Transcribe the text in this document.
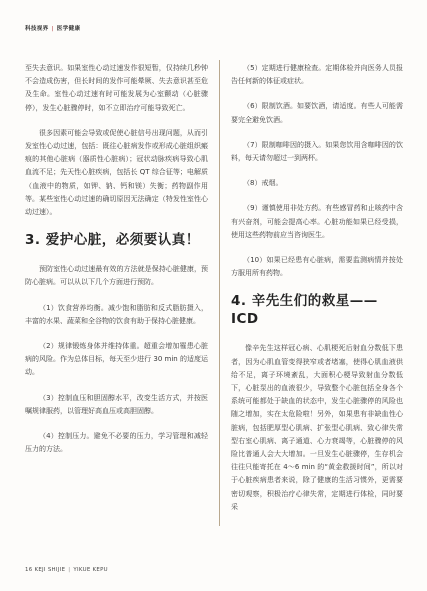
科技视界 | 医学健康

至失去意识。如果室性心动过速发作很短暂，仅持续几秒钟不会造成伤害，但长时间的发作可能晕厥、失去意识甚至危及生命。室性心动过速有时可能发展为心室颤动（心脏骤停），发生心脏骤停时，如不立即治疗可能导致死亡。

很多因素可能会导致或促使心脏信号出现问题，从而引发室性心动过速，包括：既往心脏病发作或形成心脏组织瘢痕的其他心脏病（器质性心脏病）；冠状动脉疾病导致心肌血流不足；先天性心脏疾病，包括长 QT 综合征等；电解质（血液中的物质，如钾、钠、钙和镁）失衡；药物副作用等。某些室性心动过速的确切原因无法确定（特发性室性心动过速）。

3. 爱护心脏，必须要认真！

预防室性心动过速最有效的方法就是保持心脏健康，预防心脏病。可以从以下几个方面进行预防。

（1）饮食营养均衡。减少饱和脂肪和反式脂肪摄入，丰富的水果、蔬菜和全谷物的饮食有助于保持心脏健康。

（2）规律锻炼身体并维持体重。超重会增加罹患心脏病的风险。作为总体目标，每天至少进行 30 min 的适度运动。

（3）控制血压和胆固醇水平，改变生活方式，并按医嘱规律服药，以管理好高血压或高胆固醇。

（4）控制压力。避免不必要的压力，学习管理和减轻压力的方法。

（5）定期进行健康检查。定期体检并向医务人员报告任何新的体征或症状。

（6）限制饮酒。如要饮酒，请适度。有些人可能需要完全避免饮酒。

（7）限制咖啡因的摄入。如果您饮用含咖啡因的饮料，每天请勿超过一到两杯。

（8）戒烟。

（9）谨慎使用非处方药。有些感冒药和止咳药中含有兴奋剂，可能会提高心率。心脏功能如果已经受损，使用这些药物前应当咨询医生。

（10）如果已经患有心脏病，需要监测病情并按处方服用所有药物。

4. 辛先生们的救星——ICD

像辛先生这样冠心病、心肌梗死后射血分数低下患者，因为心肌血管变得狭窄或者堵塞，使得心肌血液供给不足，离子环境紊乱，大面积心梗导致射血分数低下，心脏泵出的血液很少，导致整个心脏包括全身各个系统可能都处于缺血的状态中，发生心脏骤停的风险也随之增加，实在太危险啦！另外，如果患有非缺血性心脏病，包括肥厚型心肌病、扩张型心肌病、致心律失常型右室心肌病、离子通道、心力衰竭等，心脏骤停的风险比普通人会大大增加。一旦发生心脏骤停，生存机会往往只能寄托在 4～6 min 的“黄金救援时间”，所以对于心脏疾病患者来说，除了健康的生活习惯外，更需要密切观察，积极治疗心律失常，定期进行体检，同时要采

16 KEJI SHIJIE | YIKUE KEPU
